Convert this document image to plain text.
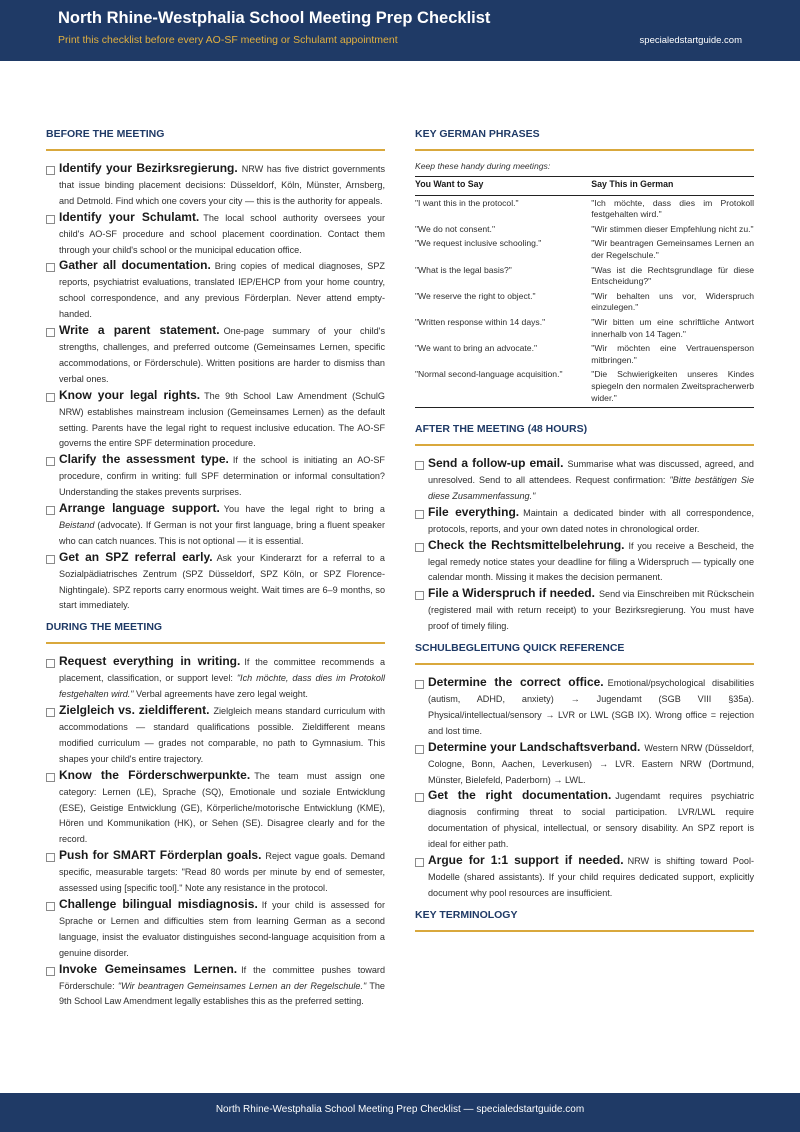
North Rhine-Westphalia School Meeting Prep Checklist
Print this checklist before every AO-SF meeting or Schulamt appointment	specialedstartguide.com
BEFORE THE MEETING
Identify your Bezirksregierung. NRW has five district governments that issue binding placement decisions: Düsseldorf, Köln, Münster, Arnsberg, and Detmold. Find which one covers your city — this is the authority for appeals.
Identify your Schulamt. The local school authority oversees your child's AO-SF procedure and school placement coordination. Contact them through your child's school or the municipal education office.
Gather all documentation. Bring copies of medical diagnoses, SPZ reports, psychiatrist evaluations, translated IEP/EHCP from your home country, school correspondence, and any previous Förderplan. Never attend empty-handed.
Write a parent statement. One-page summary of your child's strengths, challenges, and preferred outcome (Gemeinsames Lernen, specific accommodations, or Förderschule). Written positions are harder to dismiss than verbal ones.
Know your legal rights. The 9th School Law Amendment (SchulG NRW) establishes mainstream inclusion (Gemeinsames Lernen) as the default setting. Parents have the legal right to request inclusive education. The AO-SF governs the entire SPF determination procedure.
Clarify the assessment type. If the school is initiating an AO-SF procedure, confirm in writing: full SPF determination or informal consultation? Understanding the stakes prevents surprises.
Arrange language support. You have the legal right to bring a Beistand (advocate). If German is not your first language, bring a fluent speaker who can catch nuances. This is not optional — it is essential.
Get an SPZ referral early. Ask your Kinderarzt for a referral to a Sozialpädiatrisches Zentrum (SPZ Düsseldorf, SPZ Köln, or SPZ Florence-Nightingale). SPZ reports carry enormous weight. Wait times are 6–9 months, so start immediately.
DURING THE MEETING
Request everything in writing. If the committee recommends a placement, classification, or support level: "Ich möchte, dass dies im Protokoll festgehalten wird." Verbal agreements have zero legal weight.
Zielgleich vs. zieldifferent. Zielgleich means standard curriculum with accommodations — standard qualifications possible. Zieldifferent means modified curriculum — grades not comparable, no path to Gymnasium. This shapes your child's entire trajectory.
Know the Förderschwerpunkte. The team must assign one category: Lernen (LE), Sprache (SQ), Emotionale und soziale Entwicklung (ESE), Geistige Entwicklung (GE), Körperliche/motorische Entwicklung (KME), Hören und Kommunikation (HK), or Sehen (SE). Disagree clearly and for the record.
Push for SMART Förderplan goals. Reject vague goals. Demand specific, measurable targets: "Read 80 words per minute by end of semester, assessed using [specific tool]." Note any resistance in the protocol.
Challenge bilingual misdiagnosis. If your child is assessed for Sprache or Lernen and difficulties stem from learning German as a second language, insist the evaluator distinguishes second-language acquisition from a genuine disorder.
Invoke Gemeinsames Lernen. If the committee pushes toward Förderschule: "Wir beantragen Gemeinsames Lernen an der Regelschule." The 9th School Law Amendment legally establishes this as the preferred setting.
KEY GERMAN PHRASES
Keep these handy during meetings:
You Want to Say	Say This in German
"I want this in the protocol."	"Ich möchte, dass dies im Protokoll festgehalten wird."
"We do not consent."	"Wir stimmen dieser Empfehlung nicht zu."
"We request inclusive schooling."	"Wir beantragen Gemeinsames Lernen an der Regelschule."
"What is the legal basis?"	"Was ist die Rechtsgrundlage für diese Entscheidung?"
"We reserve the right to object."	"Wir behalten uns vor, Widerspruch einzulegen."
"Written response within 14 days."	"Wir bitten um eine schriftliche Antwort innerhalb von 14 Tagen."
"We want to bring an advocate."	"Wir möchten eine Vertrauensperson mitbringen."
"Normal second-language acquisition."	"Die Schwierigkeiten unseres Kindes spiegeln den normalen Zweitspracherwerb wider."
AFTER THE MEETING (48 HOURS)
Send a follow-up email. Summarise what was discussed, agreed, and unresolved. Send to all attendees. Request confirmation: "Bitte bestätigen Sie diese Zusammenfassung."
File everything. Maintain a dedicated binder with all correspondence, protocols, reports, and your own dated notes in chronological order.
Check the Rechtsmittelbelehrung. If you receive a Bescheid, the legal remedy notice states your deadline for filing a Widerspruch — typically one calendar month. Missing it makes the decision permanent.
File a Widerspruch if needed. Send via Einschreiben mit Rückschein (registered mail with return receipt) to your Bezirksregierung. You must have proof of timely filing.
SCHULBEGLEITUNG QUICK REFERENCE
Determine the correct office. Emotional/psychological disabilities (autism, ADHD, anxiety) → Jugendamt (SGB VIII §35a). Physical/intellectual/sensory → LVR or LWL (SGB IX). Wrong office = rejection and lost time.
Determine your Landschaftsverband. Western NRW (Düsseldorf, Cologne, Bonn, Aachen, Leverkusen) → LVR. Eastern NRW (Dortmund, Münster, Bielefeld, Paderborn) → LWL.
Get the right documentation. Jugendamt requires psychiatric diagnosis confirming threat to social participation. LVR/LWL require documentation of physical, intellectual, or sensory disability. An SPZ report is ideal for either path.
Argue for 1:1 support if needed. NRW is shifting toward Pool-Modelle (shared assistants). If your child requires dedicated support, explicitly document why pool resources are insufficient.
KEY TERMINOLOGY
North Rhine-Westphalia School Meeting Prep Checklist — specialedstartguide.com
